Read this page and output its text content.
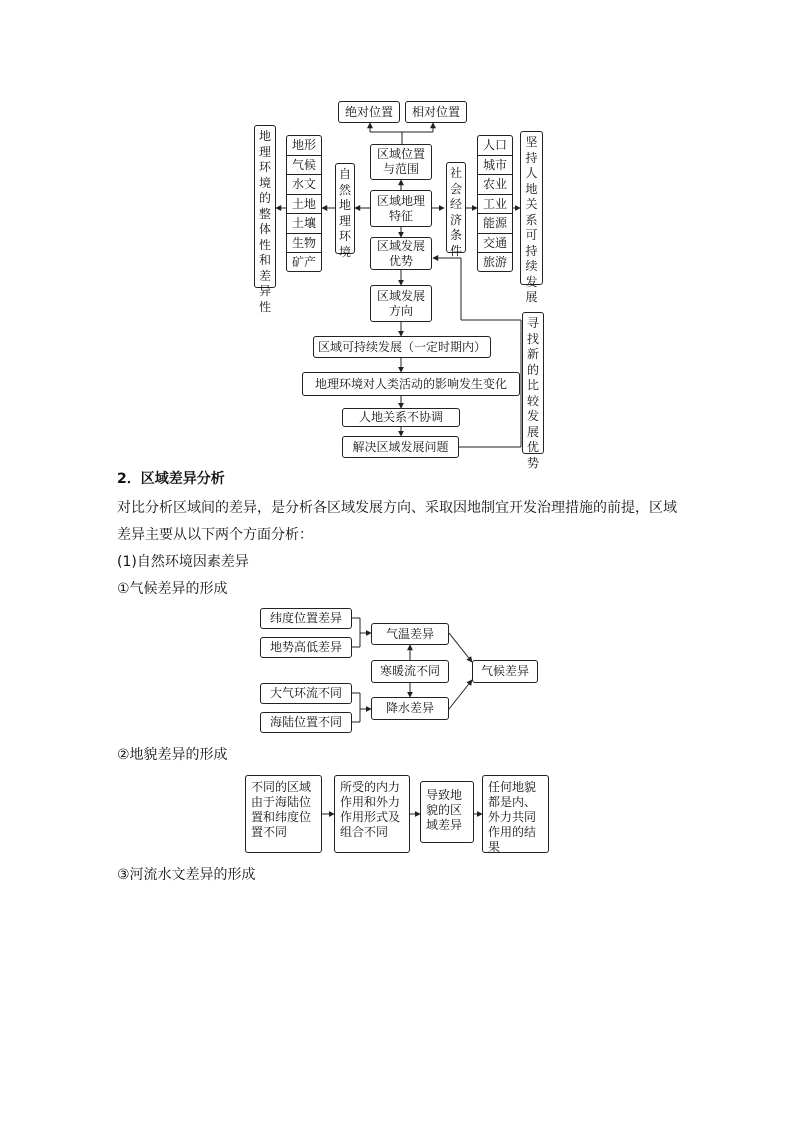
绝对位置	相对位置
区域位置与范围
区域地理特征
区域发展优势
区域发展方向
区域可持续发展（一定时期内）
地理环境对人类活动的影响发生变化
人地关系不协调
解决区域发展问题
地理环境的整体性和差异性
自然地理环境
社会经济条件
坚持人地关系可持续发展
寻找新的比较发展优势
地形
气候
水文
土地
土壤
生物
矿产
人口
城市
农业
工业
能源
交通
旅游
2．区域差异分析
对比分析区域间的差异，是分析各区域发展方向、采取因地制宜开发治理措施的前提，区域
差异主要从以下两个方面分析：
(1)自然环境因素差异
①气候差异的形成
纬度位置差异
地势高低差异
大气环流不同
海陆位置不同
气温差异
寒暖流不同
降水差异
气候差异
②地貌差异的形成
不同的区域由于海陆位置和纬度位置不同
所受的内力作用和外力作用形式及组合不同
导致地貌的区域差异
任何地貌都是内、外力共同作用的结果
③河流水文差异的形成
